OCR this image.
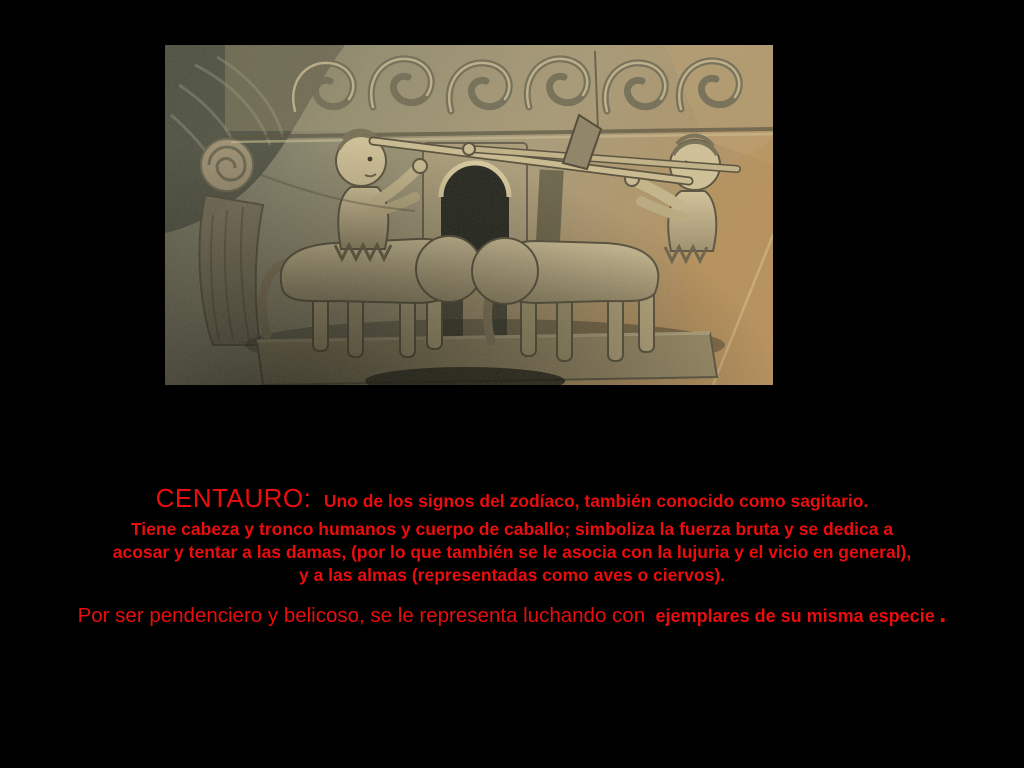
CENTAURO: Uno de los signos del zodíaco, también conocido como sagitario.
Tiene cabeza y tronco humanos y cuerpo de caballo; simboliza la fuerza bruta y se dedica a
acosar y tentar a las damas, (por lo que también se le asocia con la lujuria y el vicio en general),
y a las almas (representadas como aves o ciervos).
Por ser pendenciero y belicoso, se le representa luchando con ejemplares de su misma especie .
